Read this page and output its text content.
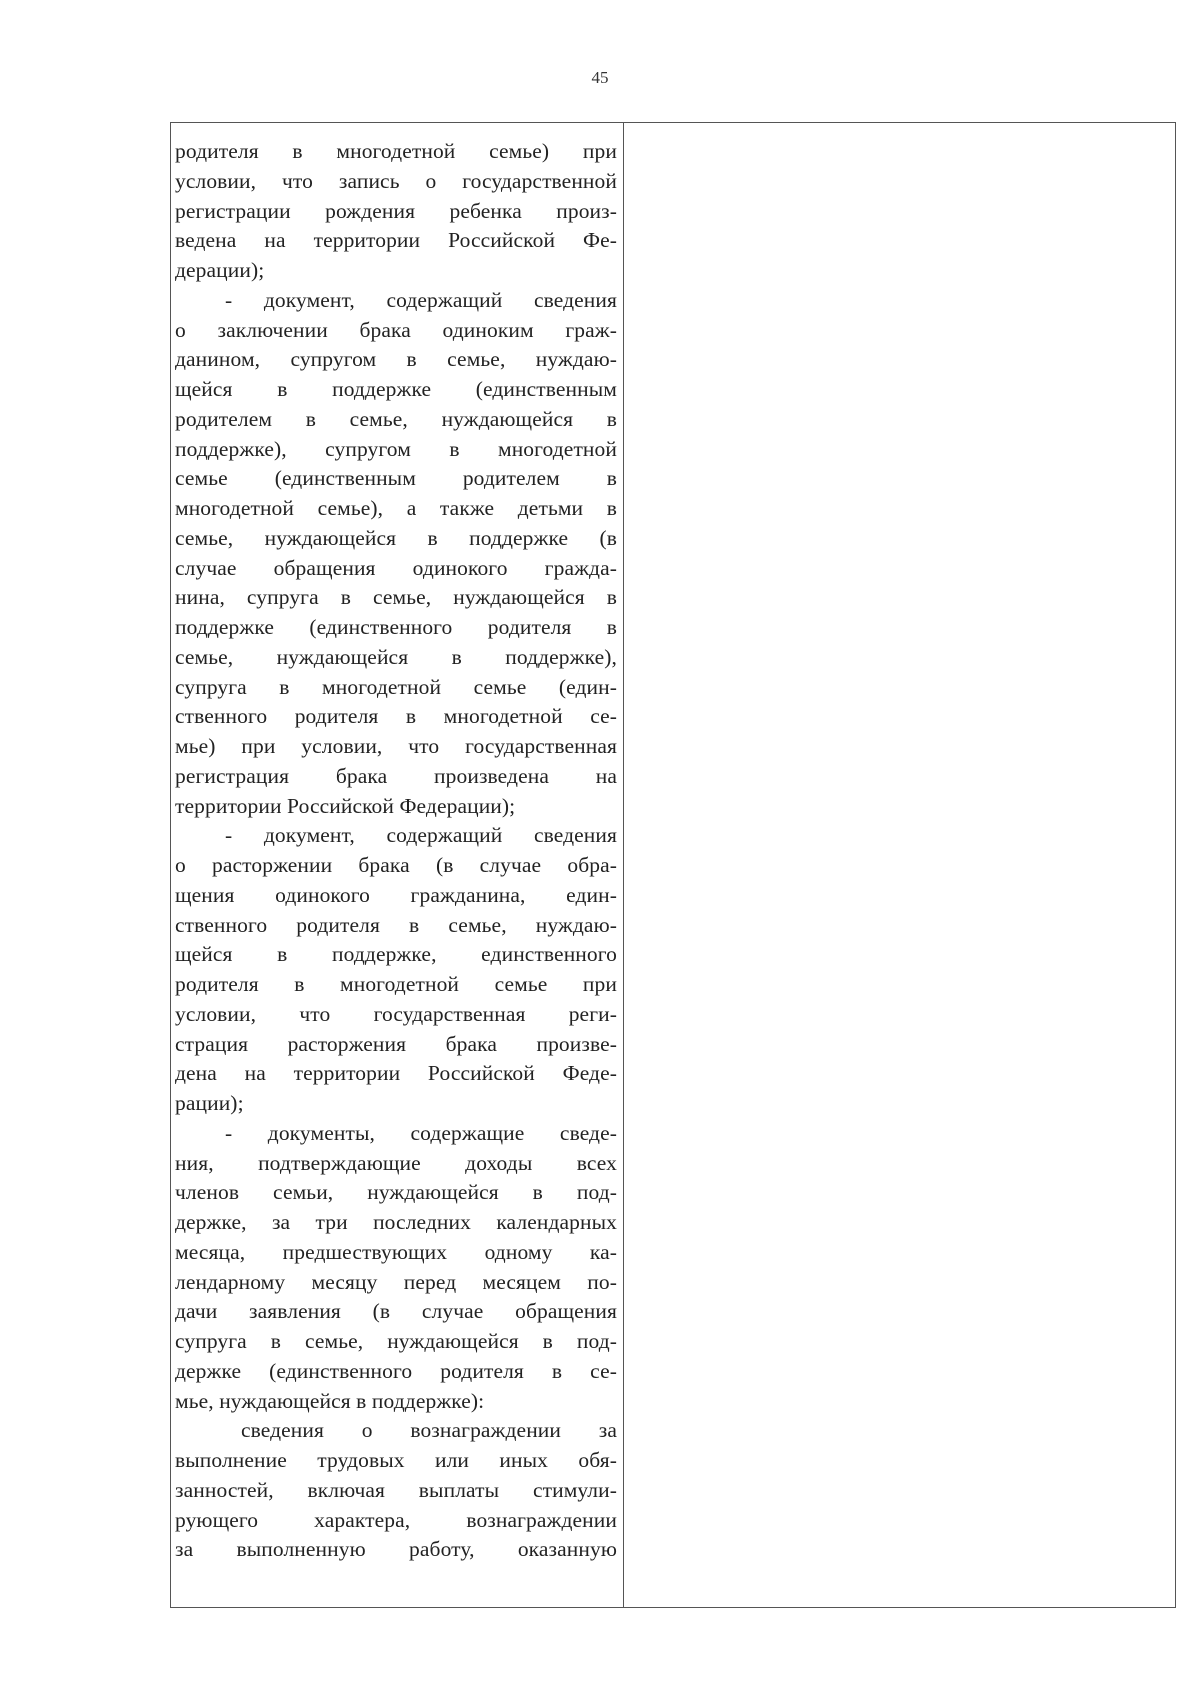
45
родителя в многодетной семье) при
условии, что запись о государственной
регистрации рождения ребенка произ-
ведена на территории Российской Фе-
дерации);
- документ, содержащий сведения
о заключении брака одиноким граж-
данином, супругом в семье, нуждаю-
щейся в поддержке (единственным
родителем в семье, нуждающейся в
поддержке), супругом в многодетной
семье (единственным родителем в
многодетной семье), а также детьми в
семье, нуждающейся в поддержке (в
случае обращения одинокого гражда-
нина, супруга в семье, нуждающейся в
поддержке (единственного родителя в
семье, нуждающейся в поддержке),
супруга в многодетной семье (един-
ственного родителя в многодетной се-
мье) при условии, что государственная
регистрация брака произведена на
территории Российской Федерации);
- документ, содержащий сведения
о расторжении брака (в случае обра-
щения одинокого гражданина, един-
ственного родителя в семье, нуждаю-
щейся в поддержке, единственного
родителя в многодетной семье при
условии, что государственная реги-
страция расторжения брака произве-
дена на территории Российской Феде-
рации);
- документы, содержащие сведе-
ния, подтверждающие доходы всех
членов семьи, нуждающейся в под-
держке, за три последних календарных
месяца, предшествующих одному ка-
лендарному месяцу перед месяцем по-
дачи заявления (в случае обращения
супруга в семье, нуждающейся в под-
держке (единственного родителя в се-
мье, нуждающейся в поддержке):
сведения о вознаграждении за
выполнение трудовых или иных обя-
занностей, включая выплаты стимули-
рующего характера, вознаграждении
за выполненную работу, оказанную
